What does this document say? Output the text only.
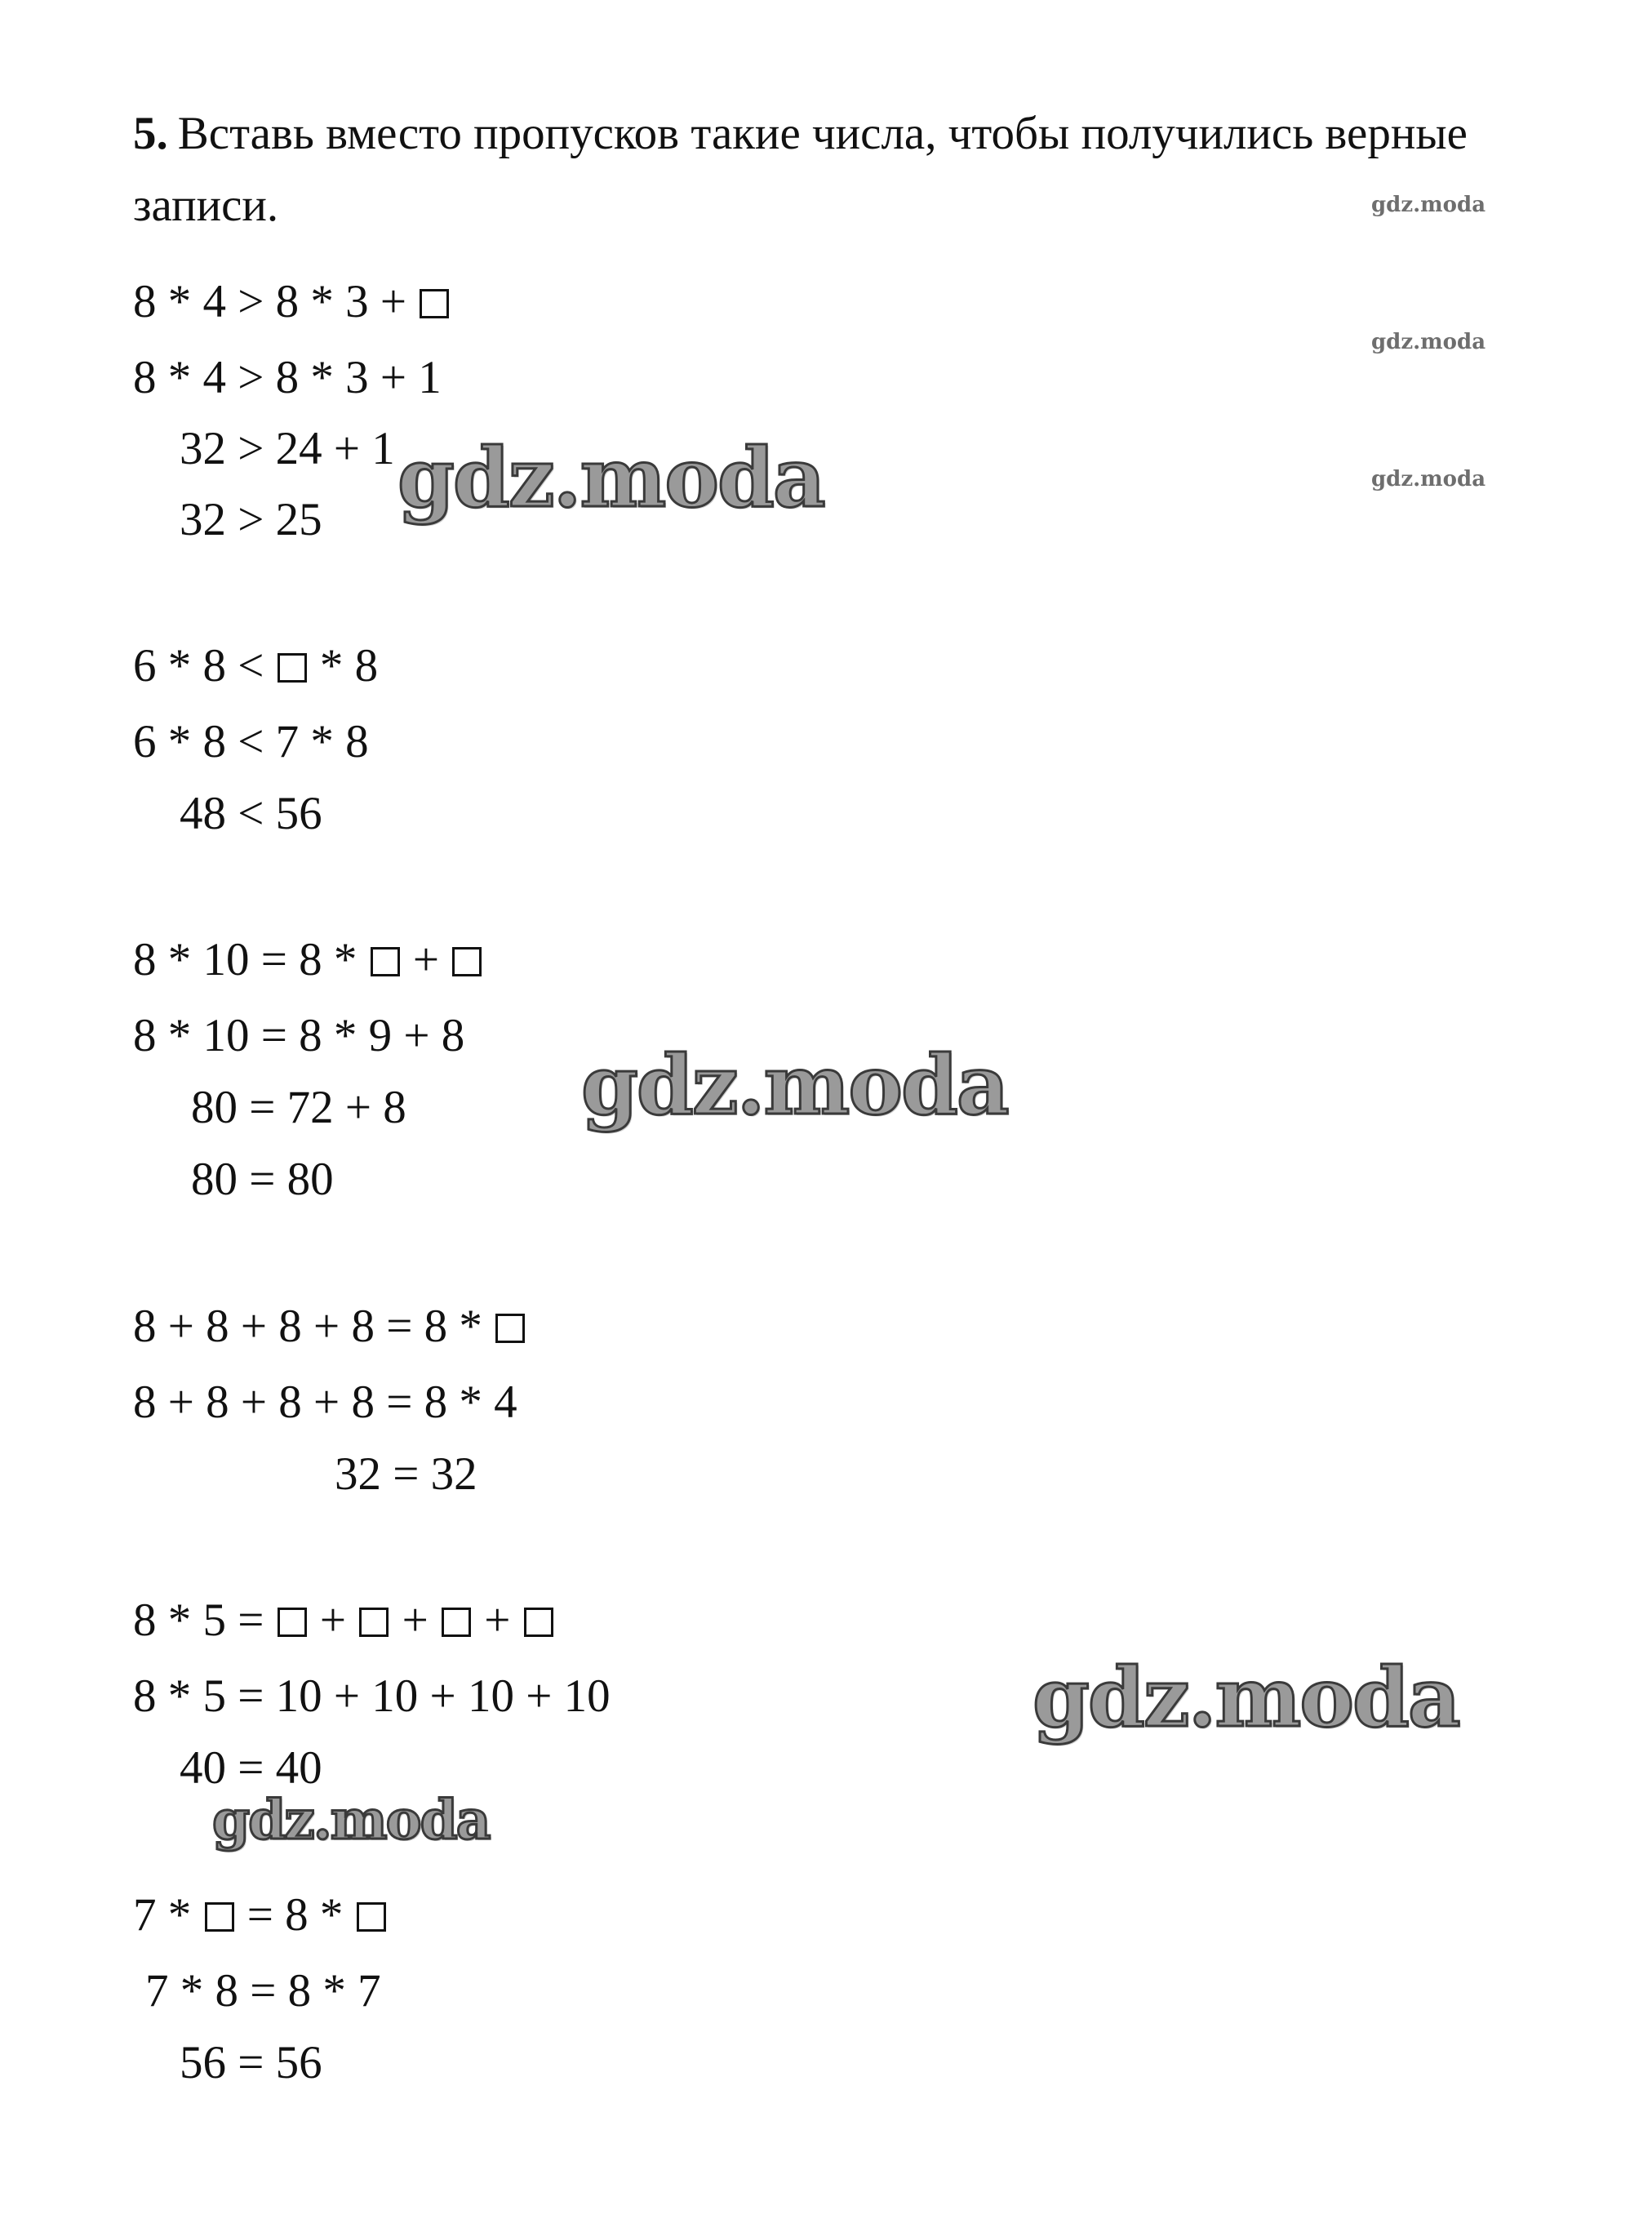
5. Вставь вместо пропусков такие числа, чтобы получились верные записи.

8 * 4 > 8 * 3 +
8 * 4 > 8 * 3 + 1
32 > 24 + 1
32 > 25
6 * 8 <  * 8
6 * 8 < 7 * 8
48 < 56
8 * 10 = 8 *  +
8 * 10 = 8 * 9 + 8
80 = 72 + 8
80 = 80
8 + 8 + 8 + 8 = 8 *
8 + 8 + 8 + 8 = 8 * 4
32 = 32
8 * 5 =  +  +  +
8 * 5 = 10 + 10 + 10 + 10
40 = 40
7 *  = 8 *
7 * 8 = 8 * 7
56 = 56
gdz.moda
gdz.moda
gdz.moda
gdz.moda
gdz.moda
gdz.moda
gdz.moda
